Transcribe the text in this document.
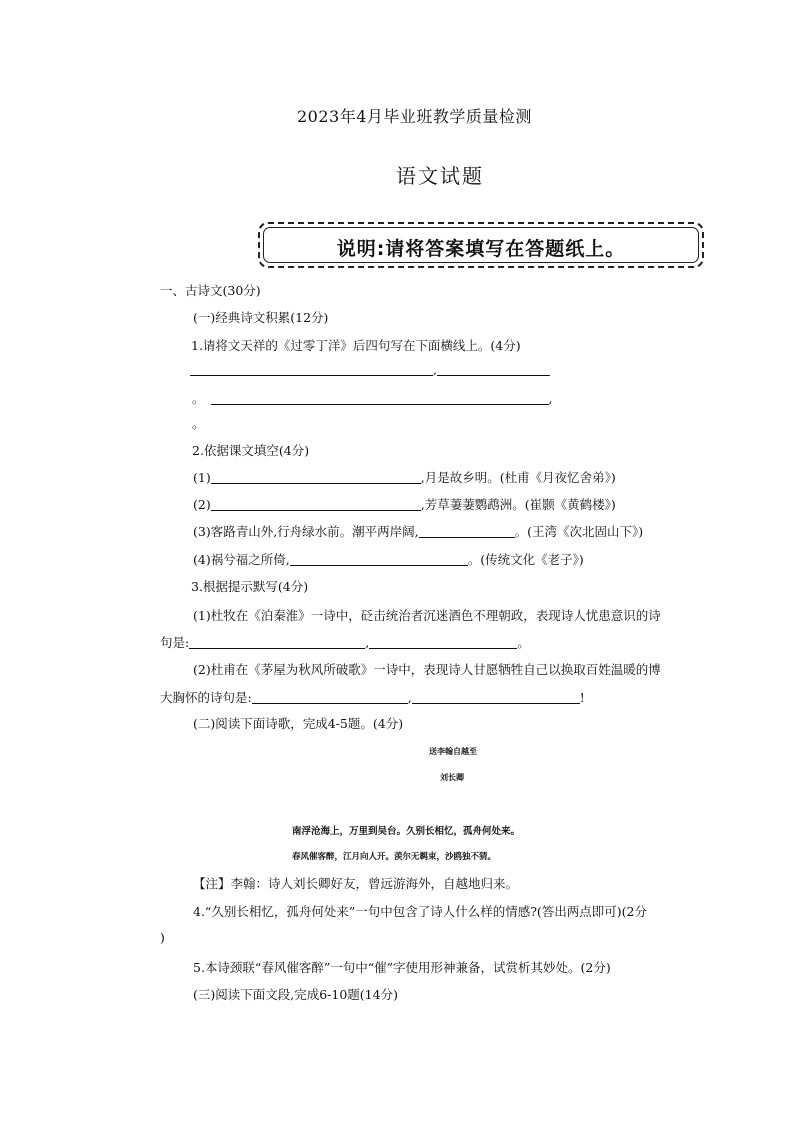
2023年4月毕业班教学质量检测
语文试题
说明:请将答案填写在答题纸上。
一、古诗文(30分)
(一)经典诗文积累(12分)
1.请将文天祥的《过零丁洋》后四句写在下面横线上。(4分)
,
。	,
。
2.依据课文填空(4分)
(1)	,月是故乡明。(杜甫《月夜忆舍弟》)
(2)	,芳草萋萋鹦鹉洲。(崔颢《黄鹤楼》)
(3)客路青山外,行舟绿水前。潮平两岸阔,	。(王湾《次北固山下》)
(4)祸兮福之所倚,	。(传统文化《老子》)
3.根据提示默写(4分)
(1)杜牧在《泊秦淮》一诗中，砭击统治者沉迷酒色不理朝政，表现诗人忧患意识的诗
句是:	,	。
(2)杜甫在《茅屋为秋风所破歌》一诗中，表现诗人甘愿牺牲自己以换取百姓温暖的博
大胸怀的诗句是:	,	!
(二)阅读下面诗歌，完成4-5题。(4分)
送李翰自越至
刘长卿
南浮沧海上，万里到吴台。久别长相忆，孤舟何处来。
春风催客醉，江月向人开。羡尔无羁束，沙鸥独不猜。
【注】李翰：诗人刘长卿好友，曾远游海外，自越地归来。
4.“久别长相忆，孤舟何处来”一句中包含了诗人什么样的情感?(答出两点即可)(2分
)
5.本诗颈联“春风催客醉”一句中“催”字使用形神兼备，试赏析其妙处。(2分)
(三)阅读下面文段,完成6-10题(14分)
